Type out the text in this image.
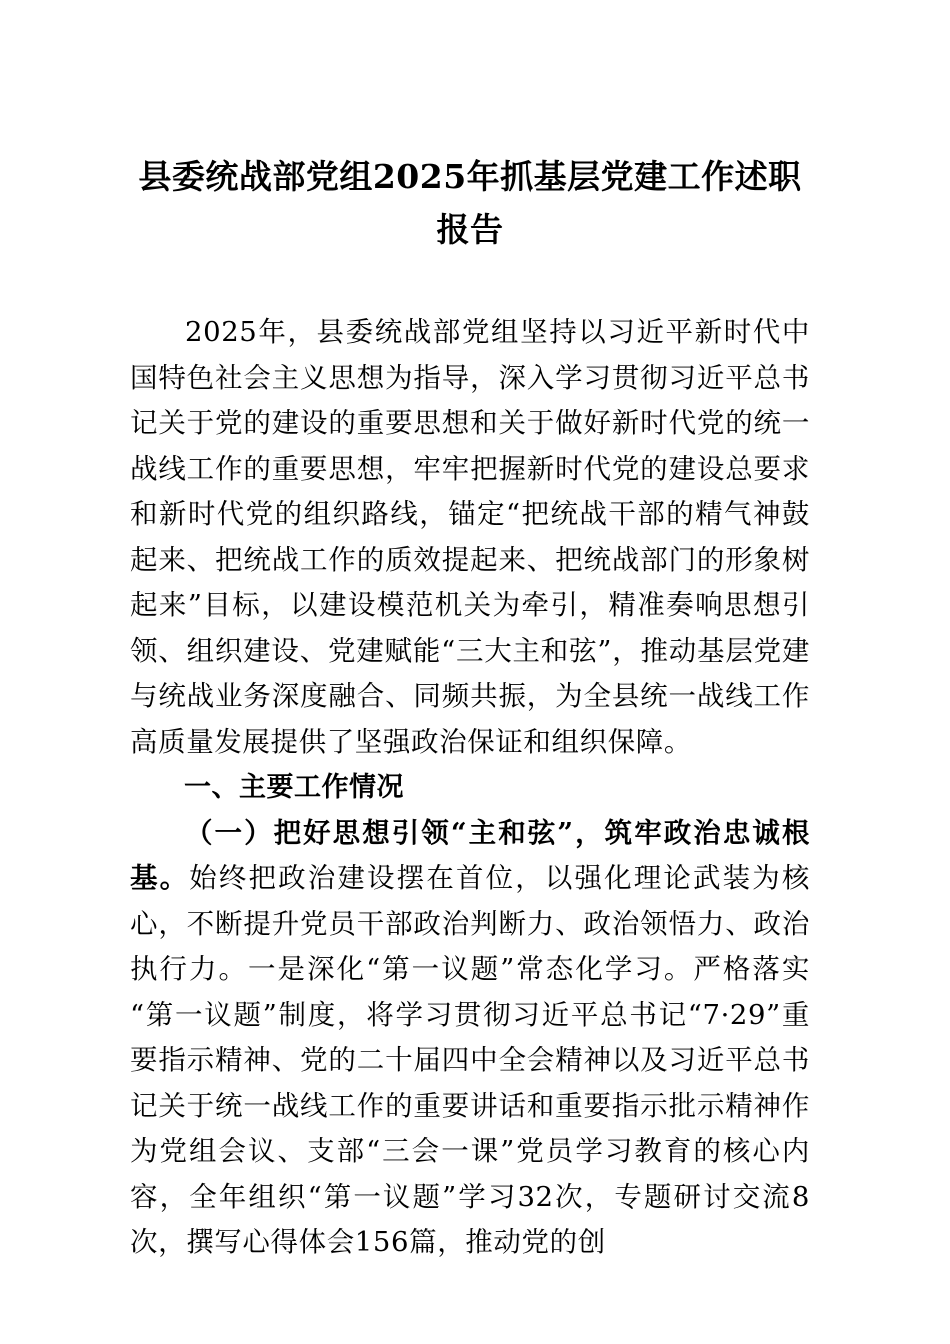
县委统战部党组2025年抓基层党建工作述职报告

2025年，县委统战部党组坚持以习近平新时代中国特色社会主义思想为指导，深入学习贯彻习近平总书记关于党的建设的重要思想和关于做好新时代党的统一战线工作的重要思想，牢牢把握新时代党的建设总要求和新时代党的组织路线，锚定“把统战干部的精气神鼓起来、把统战工作的质效提起来、把统战部门的形象树起来”目标，以建设模范机关为牵引，精准奏响思想引领、组织建设、党建赋能“三大主和弦”，推动基层党建与统战业务深度融合、同频共振，为全县统一战线工作高质量发展提供了坚强政治保证和组织保障。

一、主要工作情况

（一）把好思想引领“主和弦”，筑牢政治忠诚根基。始终把政治建设摆在首位，以强化理论武装为核心，不断提升党员干部政治判断力、政治领悟力、政治执行力。一是深化“第一议题”常态化学习。严格落实“第一议题”制度，将学习贯彻习近平总书记“7·29”重要指示精神、党的二十届四中全会精神以及习近平总书记关于统一战线工作的重要讲话和重要指示批示精神作为党组会议、支部“三会一课”党员学习教育的核心内容，全年组织“第一议题”学习32次，专题研讨交流8次，撰写心得体会156篇，推动党的创
